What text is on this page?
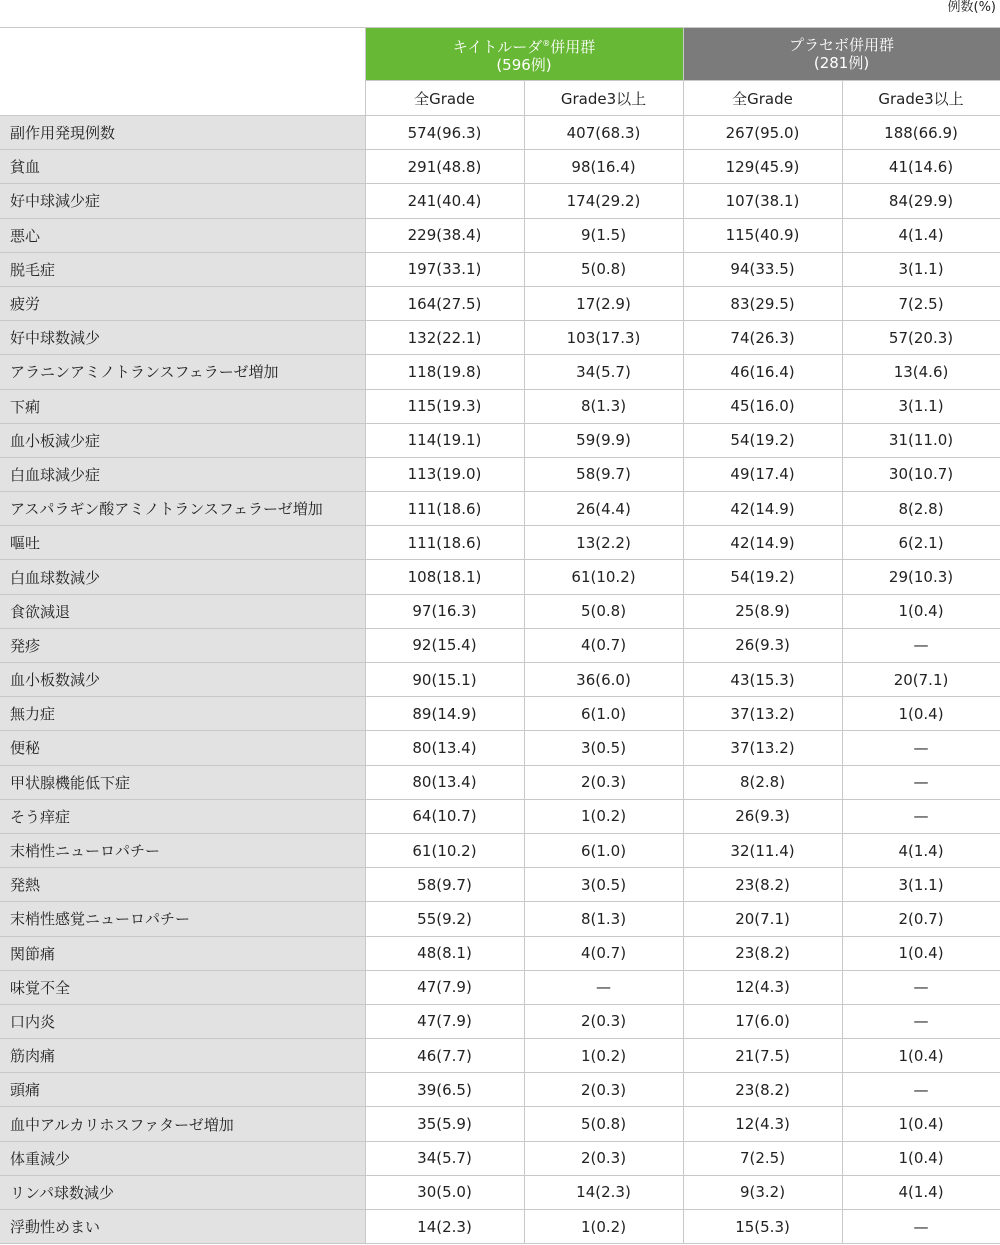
例数(%)
	キイトルーダ®併用群
(596例)		プラセボ併用群
(281例)	
	全Grade	Grade3以上	全Grade	Grade3以上
副作用発現例数	574(96.3)	407(68.3)	267(95.0)	188(66.9)
貧血	291(48.8)	98(16.4)	129(45.9)	41(14.6)
好中球減少症	241(40.4)	174(29.2)	107(38.1)	84(29.9)
悪心	229(38.4)	9(1.5)	115(40.9)	4(1.4)
脱毛症	197(33.1)	5(0.8)	94(33.5)	3(1.1)
疲労	164(27.5)	17(2.9)	83(29.5)	7(2.5)
好中球数減少	132(22.1)	103(17.3)	74(26.3)	57(20.3)
アラニンアミノトランスフェラーゼ増加	118(19.8)	34(5.7)	46(16.4)	13(4.6)
下痢	115(19.3)	8(1.3)	45(16.0)	3(1.1)
血小板減少症	114(19.1)	59(9.9)	54(19.2)	31(11.0)
白血球減少症	113(19.0)	58(9.7)	49(17.4)	30(10.7)
アスパラギン酸アミノトランスフェラーゼ増加	111(18.6)	26(4.4)	42(14.9)	8(2.8)
嘔吐	111(18.6)	13(2.2)	42(14.9)	6(2.1)
白血球数減少	108(18.1)	61(10.2)	54(19.2)	29(10.3)
食欲減退	97(16.3)	5(0.8)	25(8.9)	1(0.4)
発疹	92(15.4)	4(0.7)	26(9.3)	—
血小板数減少	90(15.1)	36(6.0)	43(15.3)	20(7.1)
無力症	89(14.9)	6(1.0)	37(13.2)	1(0.4)
便秘	80(13.4)	3(0.5)	37(13.2)	—
甲状腺機能低下症	80(13.4)	2(0.3)	8(2.8)	—
そう痒症	64(10.7)	1(0.2)	26(9.3)	—
末梢性ニューロパチー	61(10.2)	6(1.0)	32(11.4)	4(1.4)
発熱	58(9.7)	3(0.5)	23(8.2)	3(1.1)
末梢性感覚ニューロパチー	55(9.2)	8(1.3)	20(7.1)	2(0.7)
関節痛	48(8.1)	4(0.7)	23(8.2)	1(0.4)
味覚不全	47(7.9)	—	12(4.3)	—
口内炎	47(7.9)	2(0.3)	17(6.0)	—
筋肉痛	46(7.7)	1(0.2)	21(7.5)	1(0.4)
頭痛	39(6.5)	2(0.3)	23(8.2)	—
血中アルカリホスファターゼ増加	35(5.9)	5(0.8)	12(4.3)	1(0.4)
体重減少	34(5.7)	2(0.3)	7(2.5)	1(0.4)
リンパ球数減少	30(5.0)	14(2.3)	9(3.2)	4(1.4)
浮動性めまい	14(2.3)	1(0.2)	15(5.3)	—
